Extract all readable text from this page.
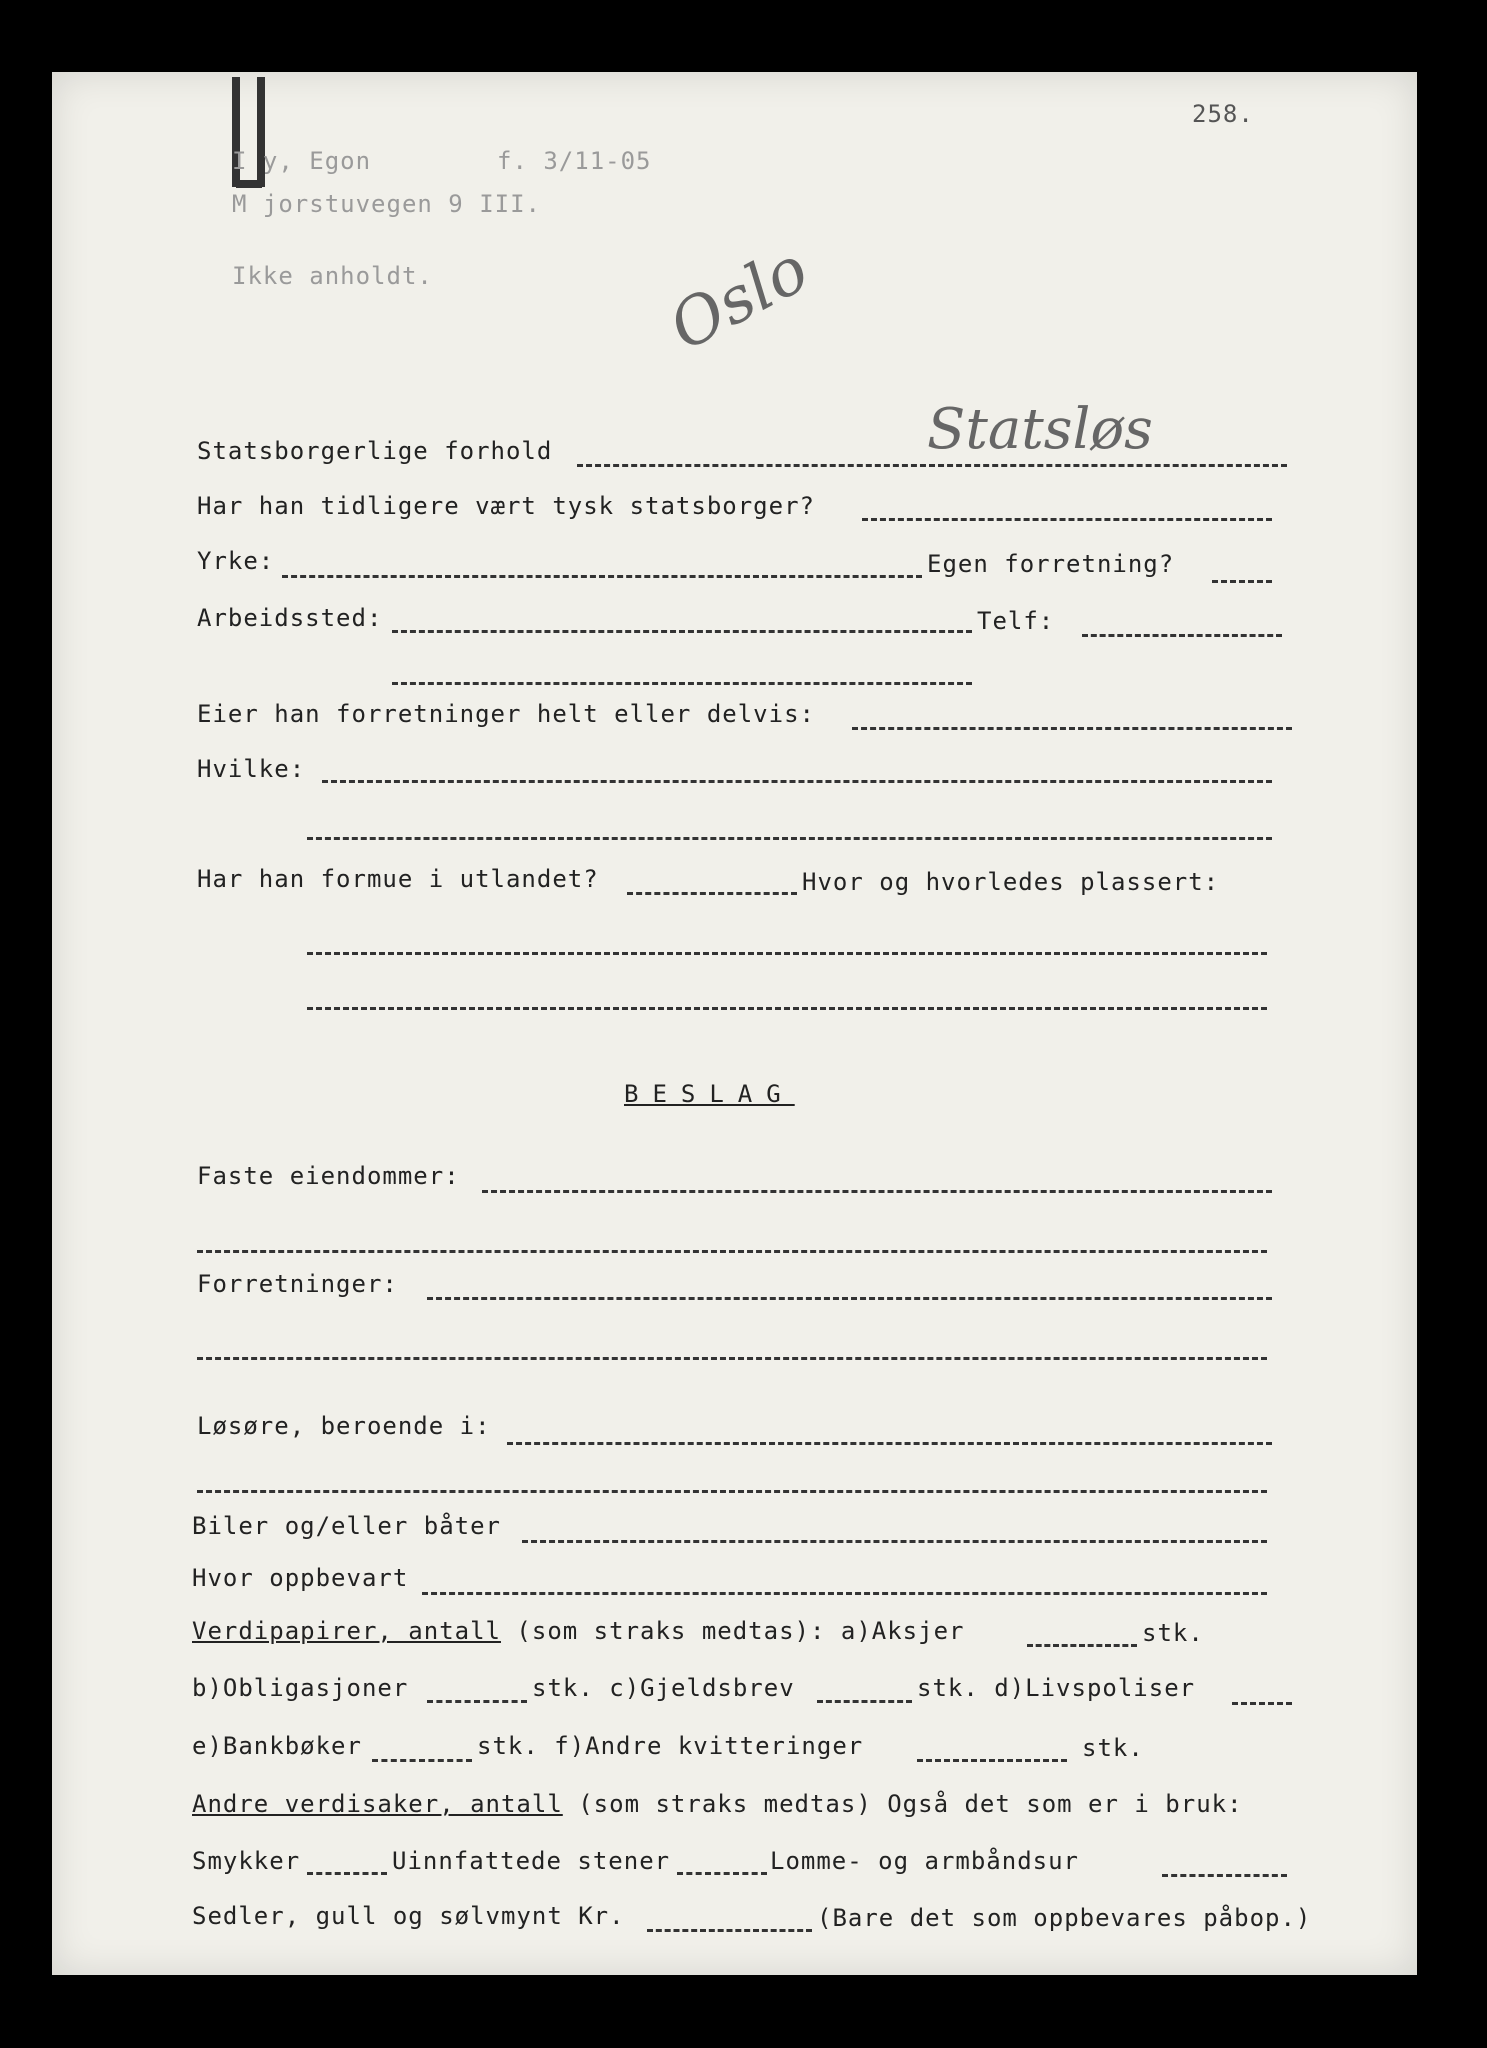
258.
I y, Egon	f. 3/11-05
M jorstuvegen 9 III.
Ikke anholdt.	Oslo
Statsborgerlige forhold	Statsløs
Har han tidligere vært tysk statsborger?
Yrke:	Egen forretning?
Arbeidssted:	Telf:
Eier han forretninger helt eller delvis:
Hvilke:
Har han formue i utlandet?	Hvor og hvorledes plassert:
BESLAG
Faste eiendommer:
Forretninger:
Løsøre, beroende i:
Biler og/eller båter
Hvor oppbevart
Verdipapirer, antall (som straks medtas): a)Aksjer	stk.
b)Obligasjoner	stk. c)Gjeldsbrev	stk. d)Livspoliser
e)Bankbøker	stk. f)Andre kvitteringer	stk.
Andre verdisaker, antall (som straks medtas) Også det som er i bruk:
Smykker	Uinnfattede stener	Lomme- og armbåndsur
Sedler, gull og sølvmynt Kr.	(Bare det som oppbevares påbop.)
